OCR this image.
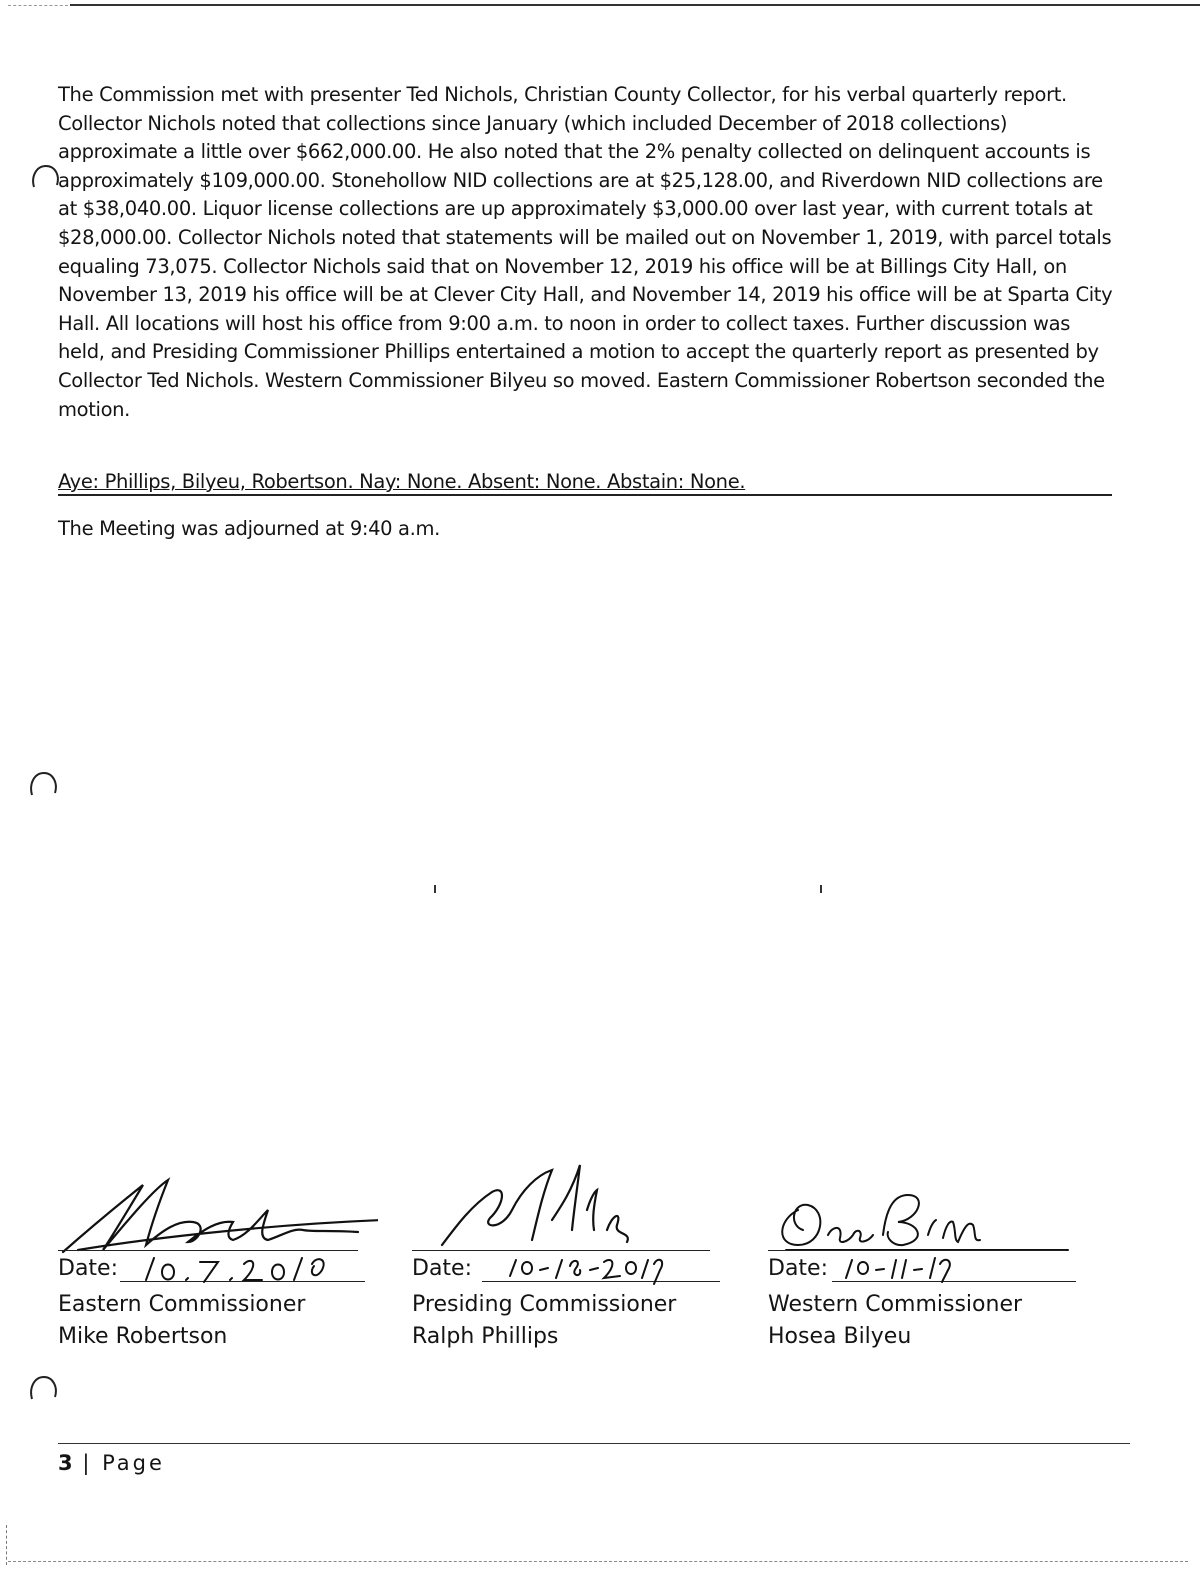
The Commission met with presenter Ted Nichols, Christian County Collector, for his verbal quarterly report. Collector Nichols noted that collections since January (which included December of 2018 collections) approximate a little over $662,000.00. He also noted that the 2% penalty collected on delinquent accounts is approximately $109,000.00. Stonehollow NID collections are at $25,128.00, and Riverdown NID collections are at $38,040.00. Liquor license collections are up approximately $3,000.00 over last year, with current totals at $28,000.00. Collector Nichols noted that statements will be mailed out on November 1, 2019, with parcel totals equaling 73,075. Collector Nichols said that on November 12, 2019 his office will be at Billings City Hall, on November 13, 2019 his office will be at Clever City Hall, and November 14, 2019 his office will be at Sparta City Hall. All locations will host his office from 9:00 a.m. to noon in order to collect taxes. Further discussion was held, and Presiding Commissioner Phillips entertained a motion to accept the quarterly report as presented by Collector Ted Nichols. Western Commissioner Bilyeu so moved. Eastern Commissioner Robertson seconded the motion.

Aye: Phillips, Bilyeu, Robertson. Nay: None. Absent: None. Abstain: None.
The Meeting was adjourned at 9:40 a.m.
Date:
Eastern Commissioner
Mike Robertson
Date:
Presiding Commissioner
Ralph Phillips
Date:
Western Commissioner
Hosea Bilyeu
3 | Page
